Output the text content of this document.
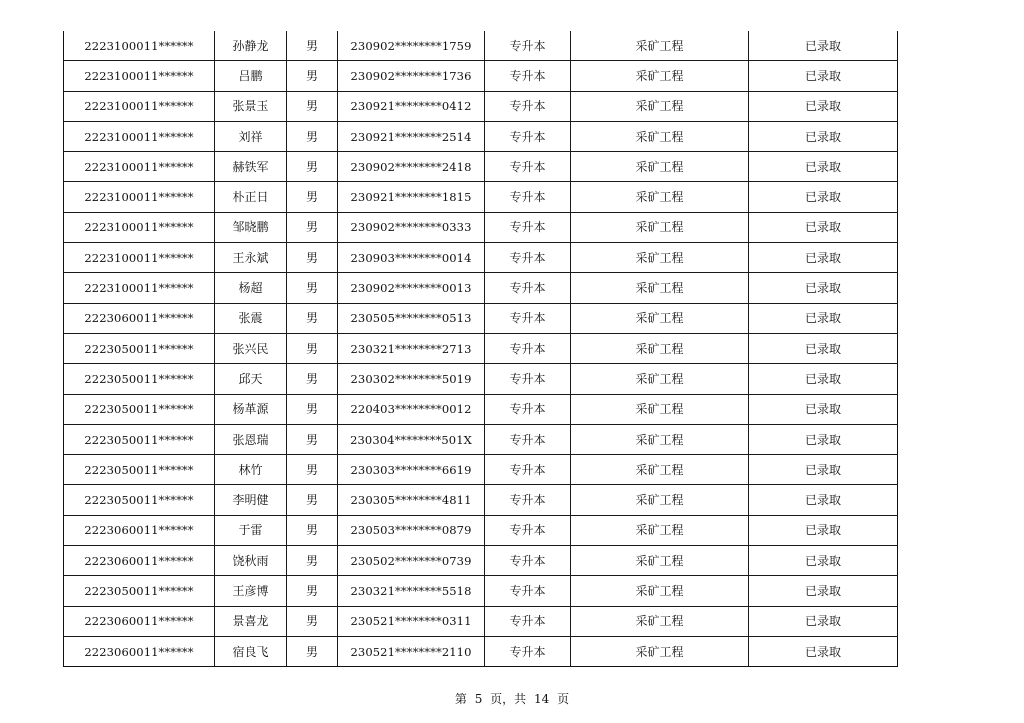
2223100011******	孙静龙	男	230902********1759	专升本	采矿工程	已录取
2223100011******	吕鹏	男	230902********1736	专升本	采矿工程	已录取
2223100011******	张景玉	男	230921********0412	专升本	采矿工程	已录取
2223100011******	刘祥	男	230921********2514	专升本	采矿工程	已录取
2223100011******	赫铁军	男	230902********2418	专升本	采矿工程	已录取
2223100011******	朴正日	男	230921********1815	专升本	采矿工程	已录取
2223100011******	邹晓鹏	男	230902********0333	专升本	采矿工程	已录取
2223100011******	王永斌	男	230903********0014	专升本	采矿工程	已录取
2223100011******	杨超	男	230902********0013	专升本	采矿工程	已录取
2223060011******	张震	男	230505********0513	专升本	采矿工程	已录取
2223050011******	张兴民	男	230321********2713	专升本	采矿工程	已录取
2223050011******	邱天	男	230302********5019	专升本	采矿工程	已录取
2223050011******	杨革源	男	220403********0012	专升本	采矿工程	已录取
2223050011******	张恩瑞	男	230304********501X	专升本	采矿工程	已录取
2223050011******	林竹	男	230303********6619	专升本	采矿工程	已录取
2223050011******	李明健	男	230305********4811	专升本	采矿工程	已录取
2223060011******	于雷	男	230503********0879	专升本	采矿工程	已录取
2223060011******	饶秋雨	男	230502********0739	专升本	采矿工程	已录取
2223050011******	王彦博	男	230321********5518	专升本	采矿工程	已录取
2223060011******	景喜龙	男	230521********0311	专升本	采矿工程	已录取
2223060011******	宿良飞	男	230521********2110	专升本	采矿工程	已录取
第 5 页，共 14 页
